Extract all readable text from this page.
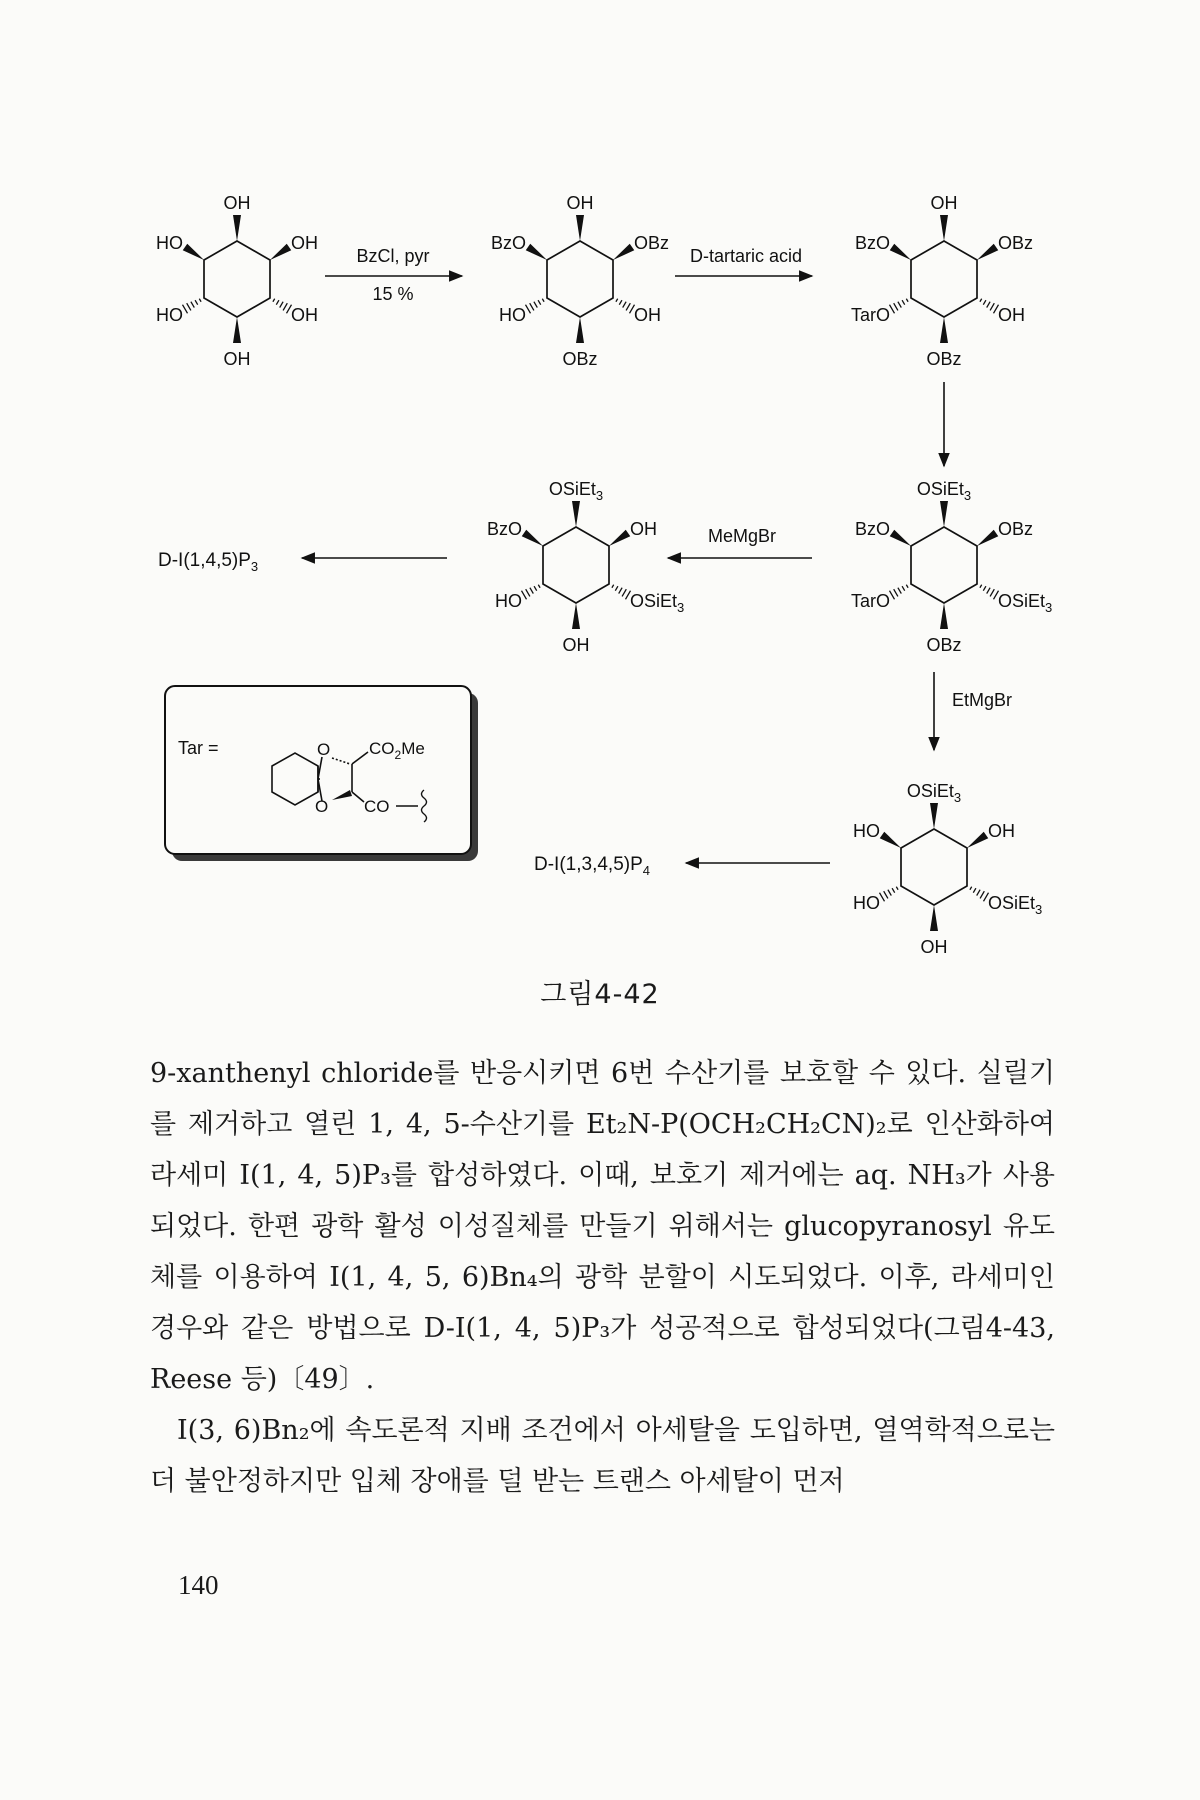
OH
OH
HO	OH
HO	OH
OH
OBz
BzO	OBz
HO	OH
OH
OBz
BzO	OBz
TarO	OH
OSiEt$_3$
OBz
BzO	OBz
TarO	OSiEt$_3$
OSiEt$_3$
OH
BzO	OH
HO	OSiEt$_3$
OSiEt$_3$
OH
HO	OH
HO	OSiEt$_3$
BzCl, pyr
15 %
D-tartaric acid
MeMgBr
$D-I(1,4,5)P_3$
EtMgBr
$D-I(1,3,4,5)P_4$
Tar =	O
O
$CO_2Me$
CO
그림4-42

9-xanthenyl chloride를 반응시키면 6번 수산기를 보호할 수 있다. 실릴기를 제거하고 열린 1, 4, 5-수산기를 Et₂N-P(OCH₂CH₂CN)₂로 인산화하여 라세미 I(1, 4, 5)P₃를 합성하였다. 이때, 보호기 제거에는 aq. NH₃가 사용되었다. 한편 광학 활성 이성질체를 만들기 위해서는 glucopyranosyl 유도체를 이용하여 I(1, 4, 5, 6)Bn₄의 광학 분할이 시도되었다. 이후, 라세미인 경우와 같은 방법으로 D-I(1, 4, 5)P₃가 성공적으로 합성되었다(그림4-43, Reese 등)〔49〕.

I(3, 6)Bn₂에 속도론적 지배 조건에서 아세탈을 도입하면, 열역학적으로는 더 불안정하지만 입체 장애를 덜 받는 트랜스 아세탈이 먼저

140
